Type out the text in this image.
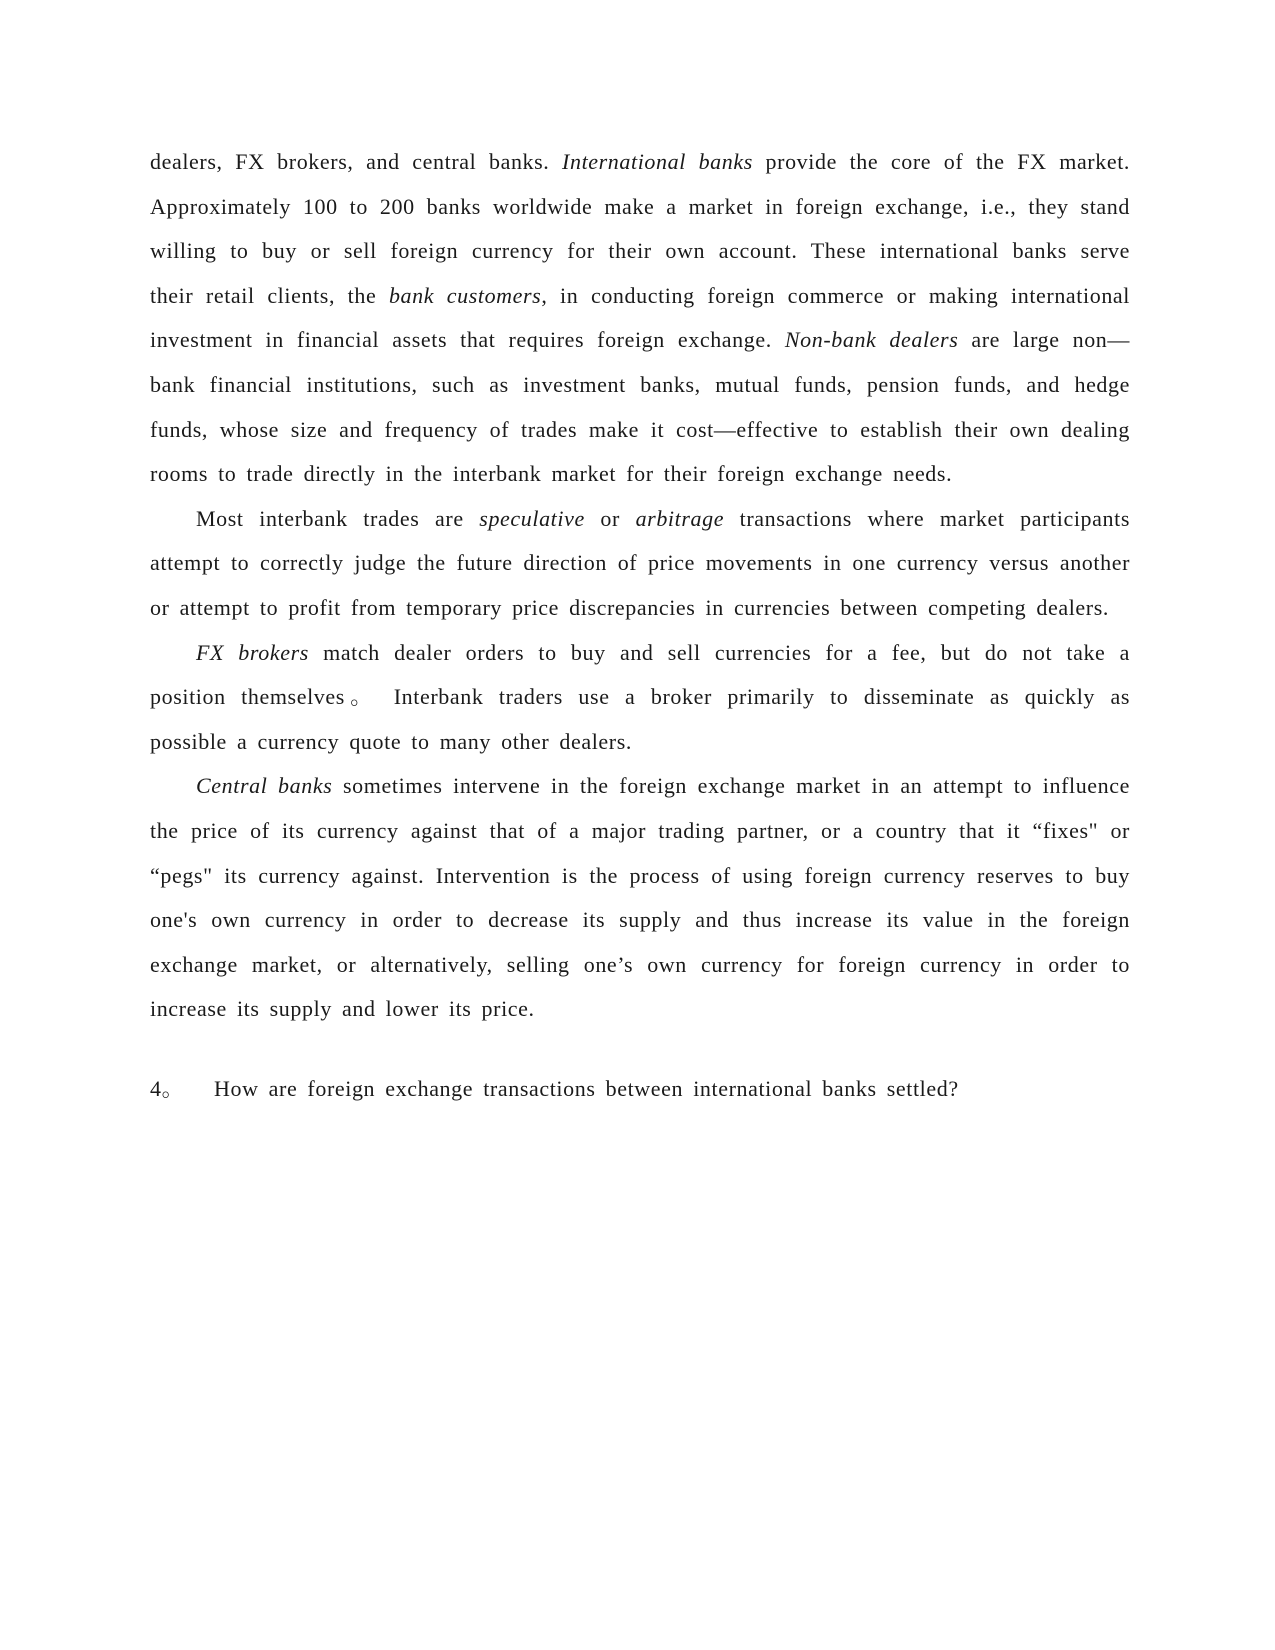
dealers, FX brokers, and central banks. International banks provide the core of the FX market. Approximately 100 to 200 banks worldwide make a market in foreign exchange, i.e., they stand willing to buy or sell foreign currency for their own account. These international banks serve their retail clients, the bank customers, in conducting foreign commerce or making international investment in financial assets that requires foreign exchange. Non-bank dealers are large non—bank financial institutions, such as investment banks, mutual funds, pension funds, and hedge funds, whose size and frequency of trades make it cost—effective to establish their own dealing rooms to trade directly in the interbank market for their foreign exchange needs.

Most interbank trades are speculative or arbitrage transactions where market participants attempt to correctly judge the future direction of price movements in one currency versus another or attempt to profit from temporary price discrepancies in currencies between competing dealers.

FX brokers match dealer orders to buy and sell currencies for a fee, but do not take a position themselves。 Interbank traders use a broker primarily to disseminate as quickly as possible a currency quote to many other dealers.

Central banks sometimes intervene in the foreign exchange market in an attempt to influence the price of its currency against that of a major trading partner, or a country that it “fixes" or “pegs" its currency against. Intervention is the process of using foreign currency reserves to buy one's own currency in order to decrease its supply and thus increase its value in the foreign exchange market, or alternatively, selling one’s own currency for foreign currency in order to increase its supply and lower its price.

4。 How are foreign exchange transactions between international banks settled?
